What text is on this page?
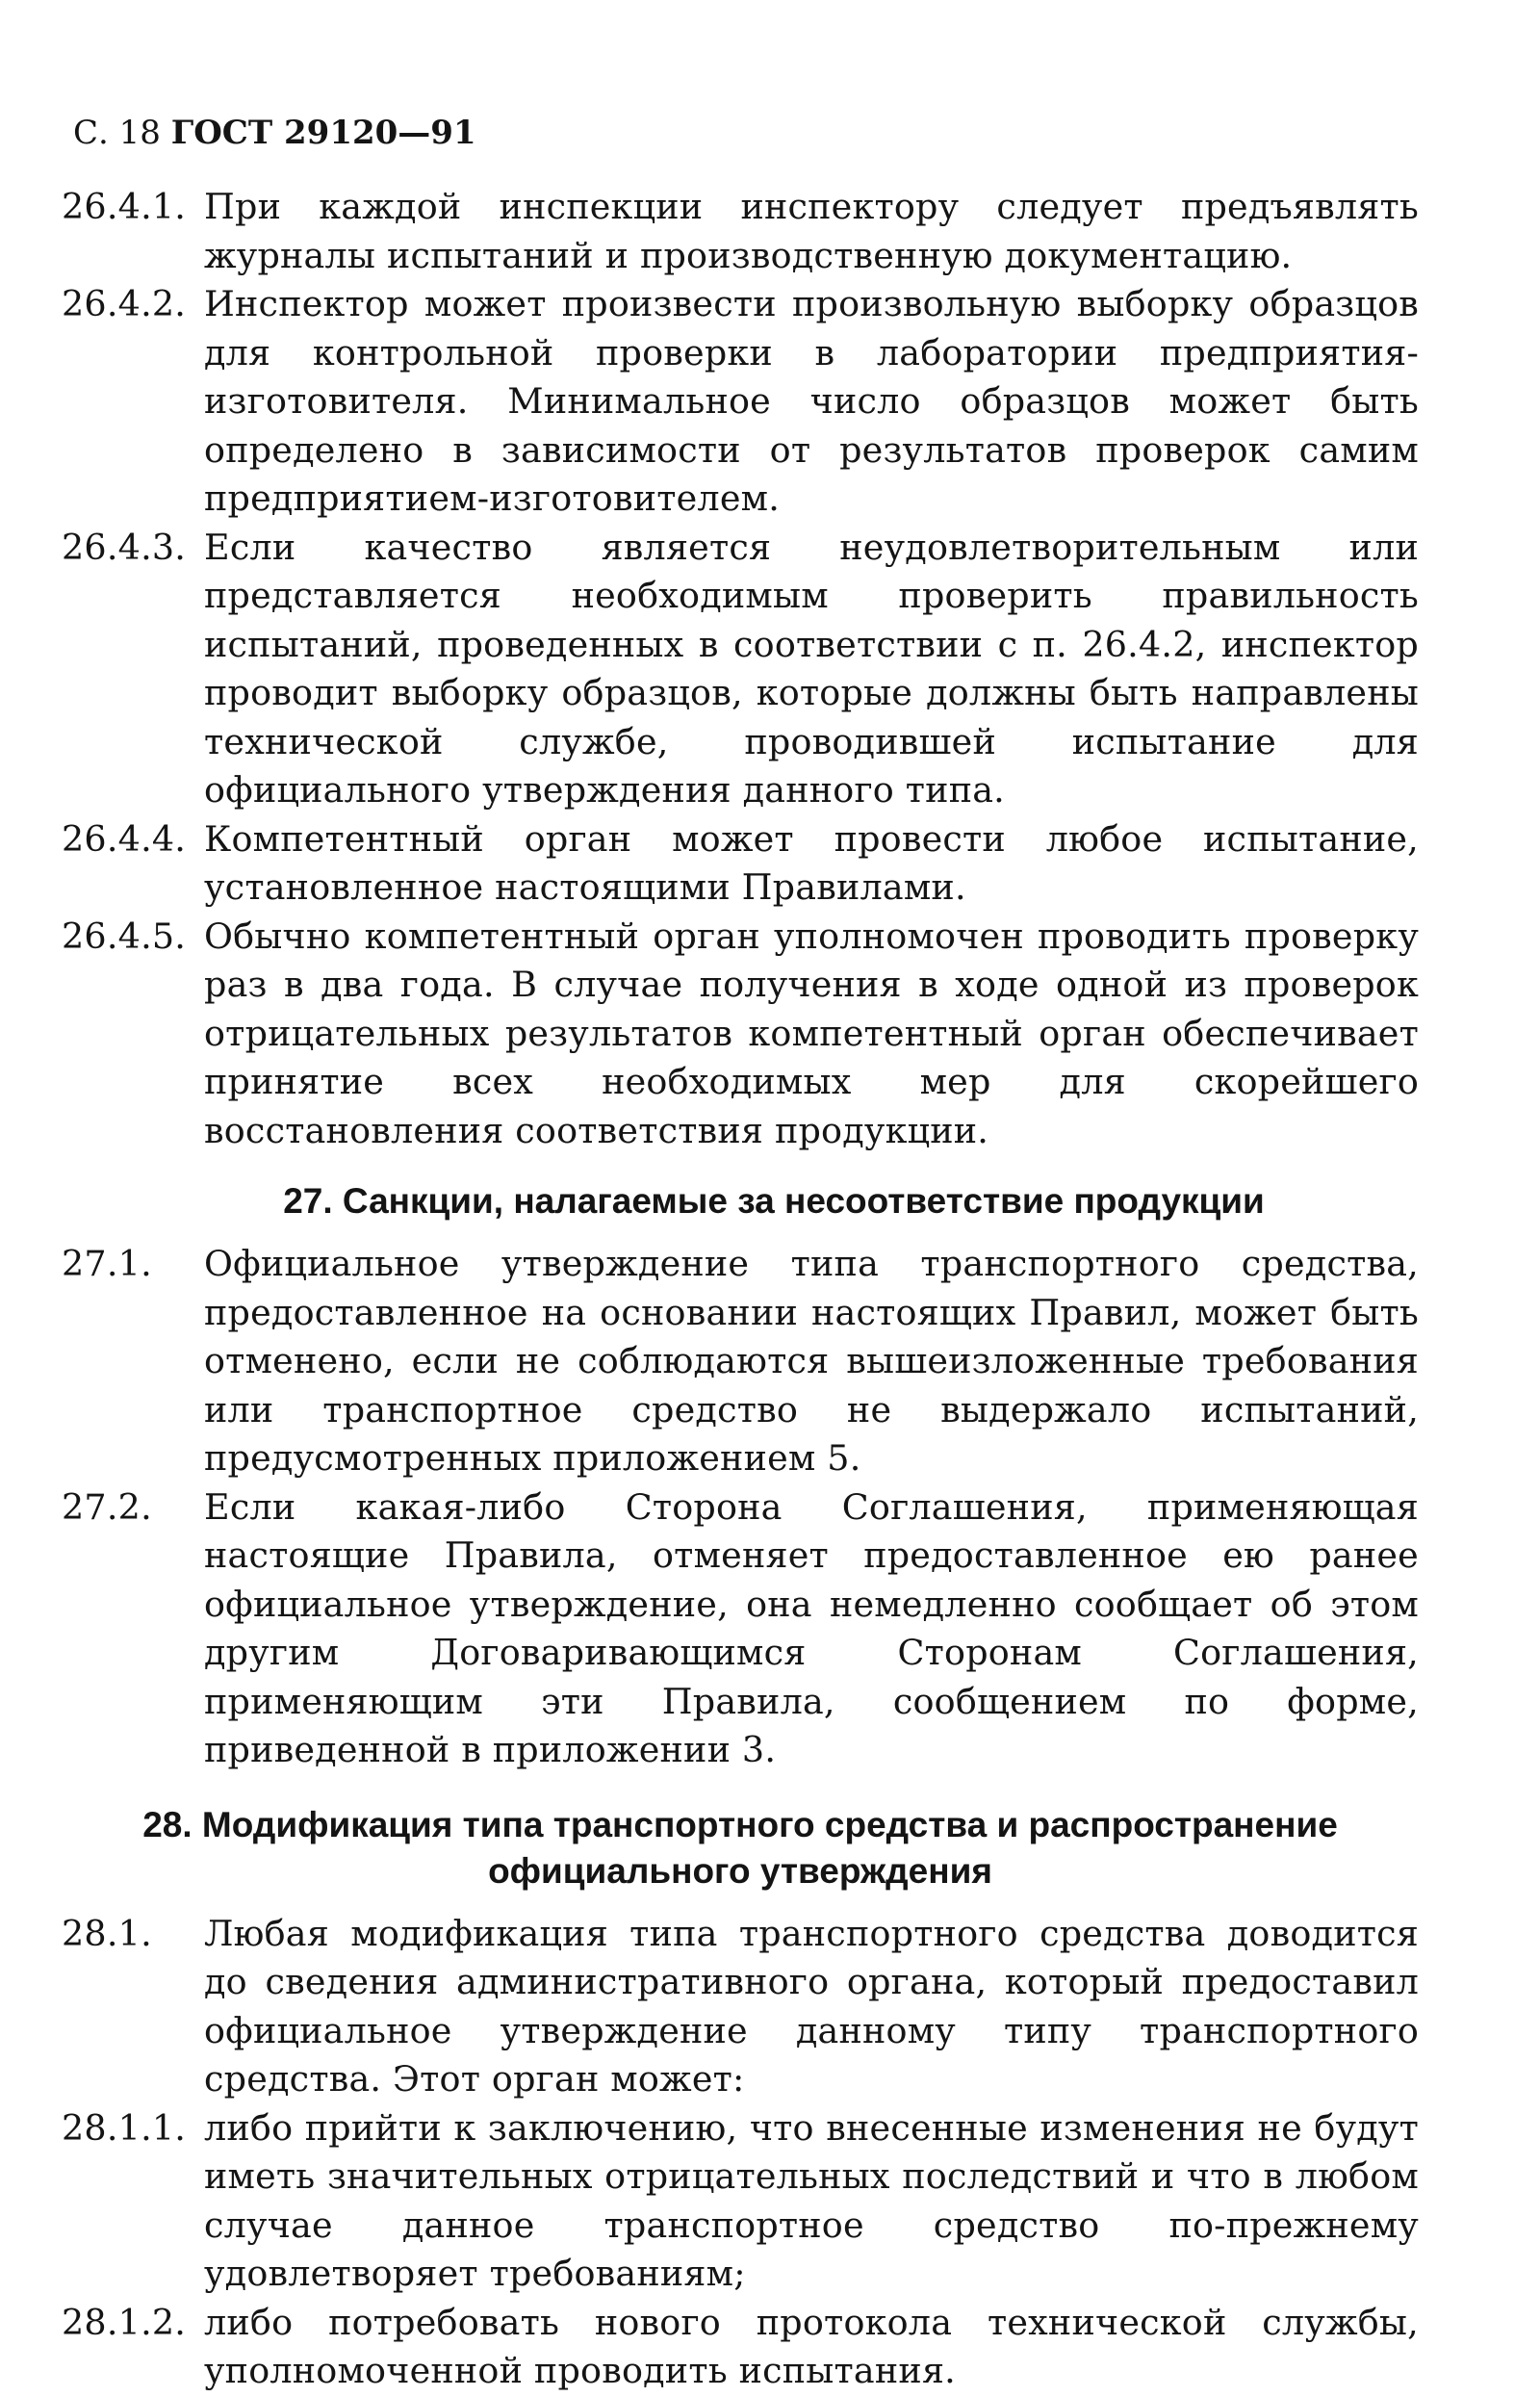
С. 18 ГОСТ 29120—91
26.4.1. При каждой инспекции инспектору следует предъявлять журналы испытаний и производственную документацию.
26.4.2. Инспектор может произвести произвольную выборку образцов для контрольной проверки в лаборатории предприятия-изготовителя. Минимальное число образцов может быть определено в зависимости от результатов проверок самим предприятием-изготовителем.
26.4.3. Если качество является неудовлетворительным или представляется необходимым проверить правильность испытаний, проведенных в соответствии с п. 26.4.2, инспектор проводит выборку образцов, которые должны быть направлены технической службе, проводившей испытание для официального утверждения данного типа.
26.4.4. Компетентный орган может провести любое испытание, установленное настоящими Правилами.
26.4.5. Обычно компетентный орган уполномочен проводить проверку раз в два года. В случае получения в ходе одной из проверок отрицательных результатов компетентный орган обеспечивает принятие всех необходимых мер для скорейшего восстановления соответствия продукции.
27. Санкции, налагаемые за несоответствие продукции
27.1.	Официальное утверждение типа транспортного средства, предоставленное на основании настоящих Правил, может быть отменено, если не соблюдаются вышеизложенные требования или транспортное средство не выдержало испытаний, предусмотренных приложением 5.
27.2.	Если какая-либо Сторона Соглашения, применяющая настоящие Правила, отменяет предоставленное ею ранее официальное утверждение, она немедленно сообщает об этом другим Договаривающимся Сторонам Соглашения, применяющим эти Правила, сообщением по форме, приведенной в приложении 3.
28. Модификация типа транспортного средства и распространение
официального утверждения
28.1.	Любая модификация типа транспортного средства доводится до сведения административного органа, который предоставил официальное утверждение данному типу транспортного средства. Этот орган может:
28.1.1. либо прийти к заключению, что внесенные изменения не будут иметь значительных отрицательных последствий и что в любом случае данное транспортное средство по-прежнему удовлетворяет требованиям;
28.1.2. либо потребовать нового протокола технической службы, уполномоченной проводить испытания.
